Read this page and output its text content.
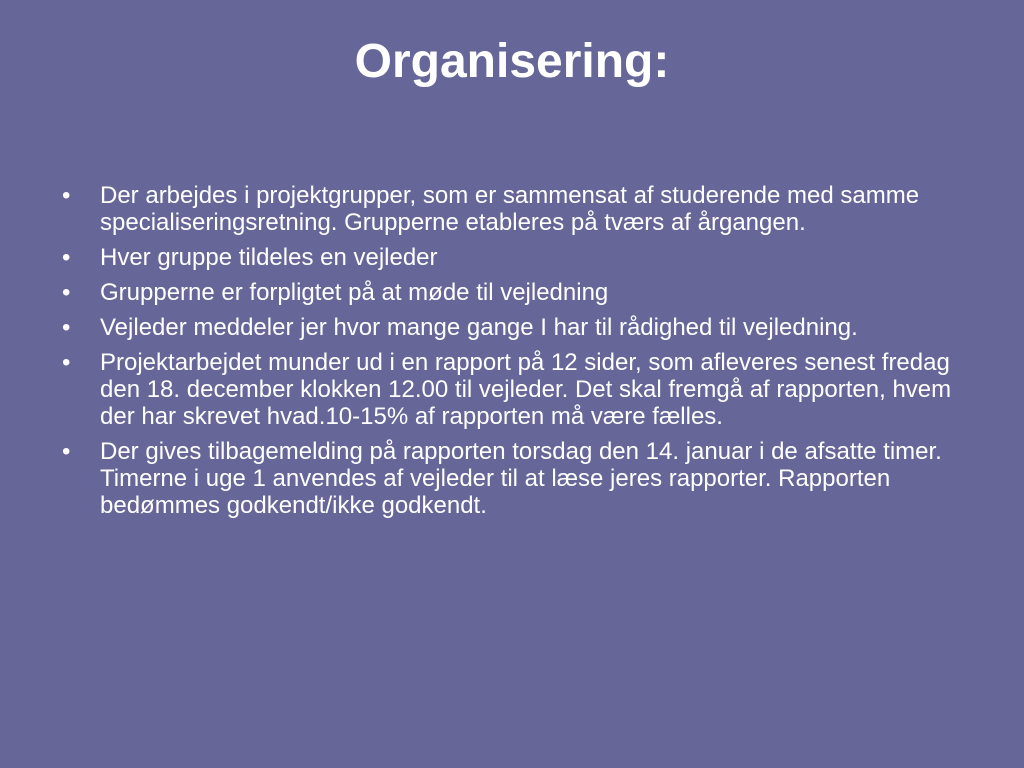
Organisering:
•	Der arbejdes i projektgrupper, som er sammensat af studerende med samme specialiseringsretning. Grupperne etableres på tværs af årgangen.
•	Hver gruppe tildeles en vejleder
•	Grupperne er forpligtet på at møde til vejledning
•	Vejleder meddeler jer hvor mange gange I har til rådighed til vejledning.
•	Projektarbejdet munder ud i en rapport på 12 sider, som afleveres senest fredag den 18. december klokken 12.00 til vejleder. Det skal fremgå af rapporten, hvem der har skrevet hvad.10-15% af rapporten må være fælles.
•	Der gives tilbagemelding på rapporten torsdag den 14. januar i de afsatte timer. Timerne i uge 1 anvendes af vejleder til at læse jeres rapporter. Rapporten bedømmes godkendt/ikke godkendt.
